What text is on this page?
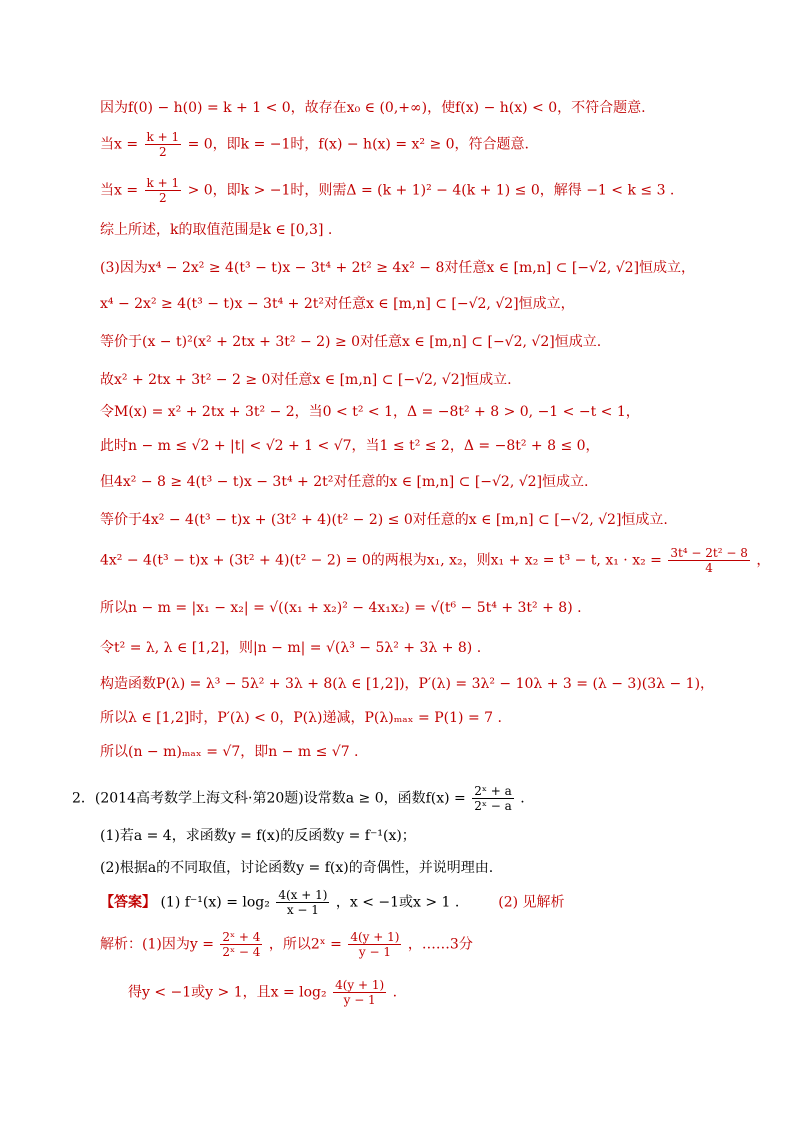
因为f(0) − h(0) = k + 1 < 0，故存在x₀ ∈ (0,+∞)，使f(x) − h(x) < 0，不符合题意.
当$x = \frac{k + 1}{2} = 0$，即k = −1时，f(x) − h(x) = x² ≥ 0，符合题意.
当$x = \frac{k + 1}{2} > 0$，即k > −1时，则需Δ = (k + 1)² − 4(k + 1) ≤ 0，解得 −1 < k ≤ 3 .
综上所述，k的取值范围是k ∈ [0,3] .
(3)因为x⁴ − 2x² ≥ 4(t³ − t)x − 3t⁴ + 2t² ≥ 4x² − 8对任意x ∈ [m,n] ⊂ [−√2, √2]恒成立，
x⁴ − 2x² ≥ 4(t³ − t)x − 3t⁴ + 2t²对任意x ∈ [m,n] ⊂ [−√2, √2]恒成立，
等价于(x − t)²(x² + 2tx + 3t² − 2) ≥ 0对任意x ∈ [m,n] ⊂ [−√2, √2]恒成立.
故x² + 2tx + 3t² − 2 ≥ 0对任意x ∈ [m,n] ⊂ [−√2, √2]恒成立.
令M(x) = x² + 2tx + 3t² − 2，当0 < t² < 1，Δ = −8t² + 8 > 0, −1 < −t < 1，
此时n − m ≤ √2 + |t| < √2 + 1 < √7，当1 ≤ t² ≤ 2，Δ = −8t² + 8 ≤ 0，
但4x² − 8 ≥ 4(t³ − t)x − 3t⁴ + 2t²对任意的x ∈ [m,n] ⊂ [−√2, √2]恒成立.
等价于4x² − 4(t³ − t)x + (3t² + 4)(t² − 2) ≤ 0对任意的x ∈ [m,n] ⊂ [−√2, √2]恒成立.
4x² − 4(t³ − t)x + (3t² + 4)(t² − 2) = 0的两根为x₁, x₂，则x₁ + x₂ = t³ − t, $x_1 \cdot x_2 = \frac{\text{3t⁴ − 2t² − 8}}{4}$ ，
所以n − m = |x₁ − x₂| = √((x₁ + x₂)² − 4x₁x₂) = √(t⁶ − 5t⁴ + 3t² + 8) .
令t² = λ, λ ∈ [1,2]，则|n − m| = √(λ³ − 5λ² + 3λ + 8) .
构造函数P(λ) = λ³ − 5λ² + 3λ + 8(λ ∈ [1,2])，P′(λ) = 3λ² − 10λ + 3 = (λ − 3)(3λ − 1)，
所以λ ∈ [1,2]时，P′(λ) < 0，P(λ)递减，P(λ)ₘₐₓ = P(1) = 7 .
所以(n − m)ₘₐₓ = √7，即n − m ≤ √7 .
2．(2014高考数学上海文科·第20题)设常数a ≥ 0，函数$f(x) = \frac{\text{2ˣ + a}}{\text{2ˣ − a}}$ .
(1)若a = 4，求函数y = f(x)的反函数y = f⁻¹(x)；
(2)根据a的不同取值，讨论函数y = f(x)的奇偶性，并说明理由.
【答案】 (1) $f^{-1}(x) = \log_2 \frac{4(x + 1)}{x - 1}$ ，x < −1或x > 1 .	(2) 见解析
解析：(1)因为$y = \frac{\text{2ˣ + 4}}{\text{2ˣ − 4}}$ ，所以2ˣ = $\frac{4(y + 1)}{y - 1}$ ，……3分
得y < −1或y > 1，且$x = \log_2 \frac{4(y + 1)}{y - 1}$ .
